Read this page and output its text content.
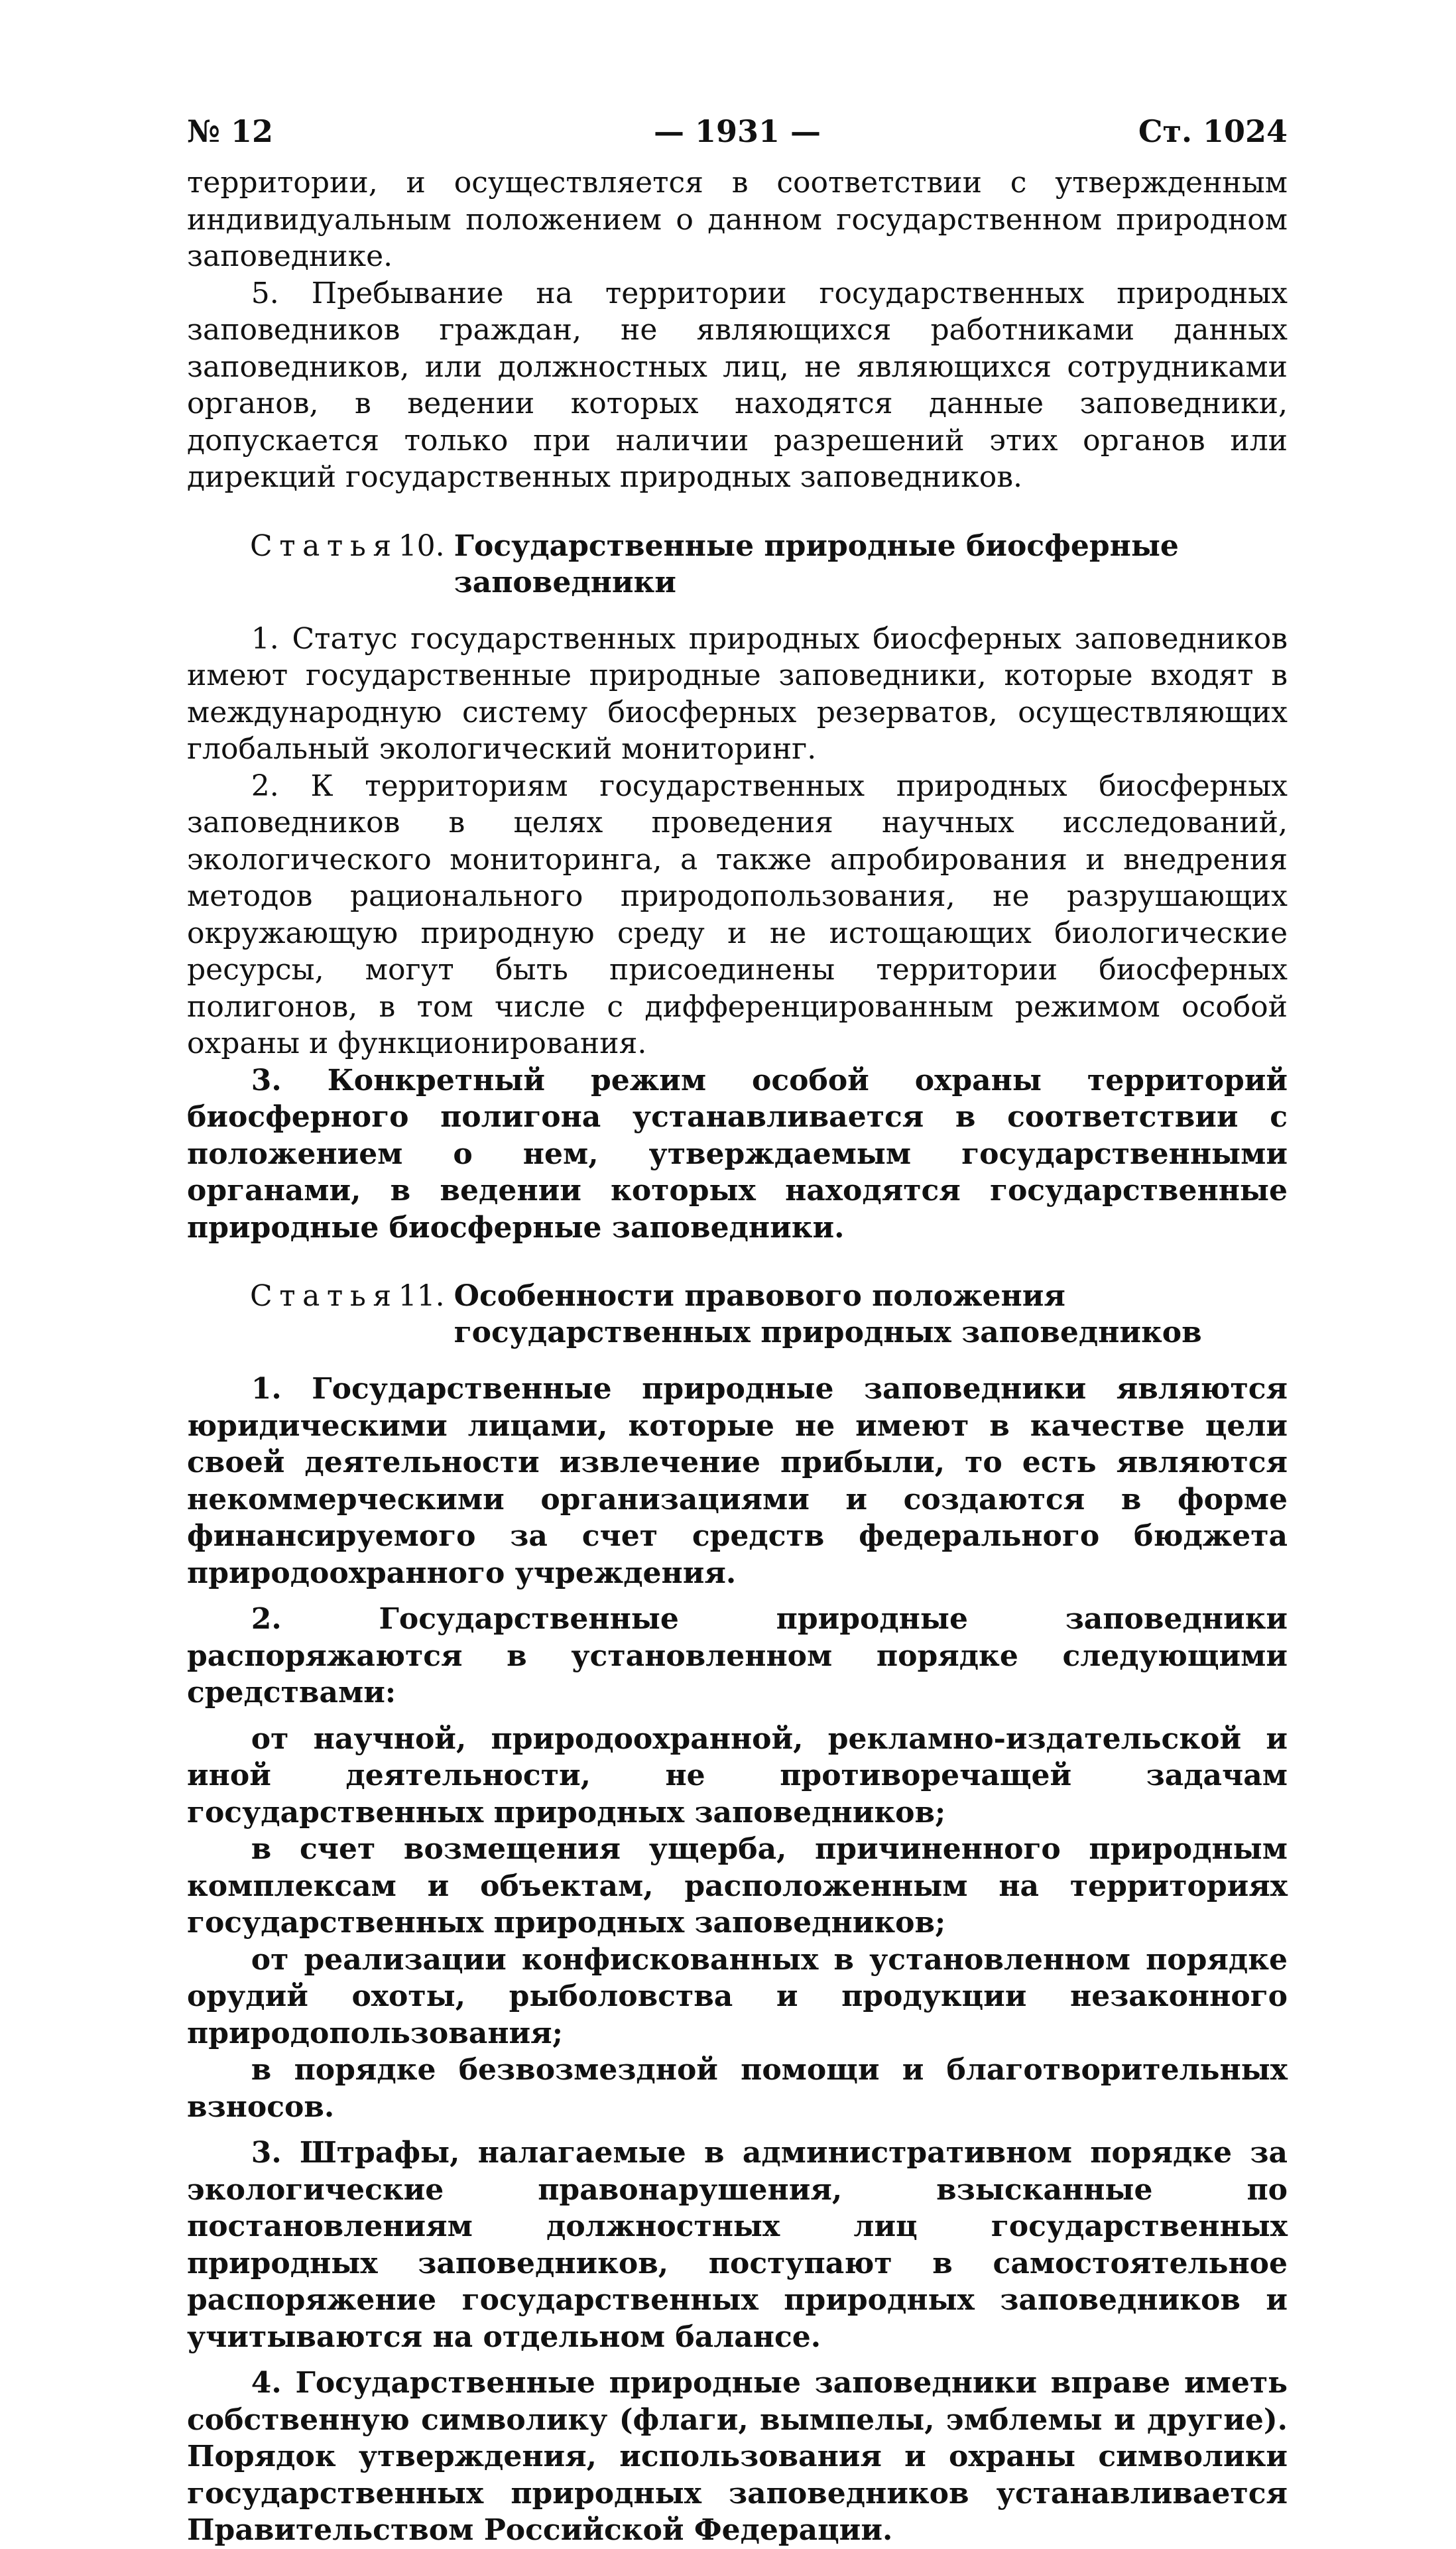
№ 12	— 1931 —	Ст. 1024

территории, и осуществляется в соответствии с утвержденным индивидуальным положением о данном государственном природном заповеднике.

5. Пребывание на территории государственных природных заповедников граждан, не являющихся работниками данных заповедников, или должностных лиц, не являющихся сотрудниками органов, в ведении которых находятся данные заповедники, допускается только при наличии разрешений этих органов или дирекций государственных природных заповедников.

Статья 10. Государственные природные биосферные заповедники

1. Статус государственных природных биосферных заповедников имеют государственные природные заповедники, которые входят в международную систему биосферных резерватов, осуществляющих глобальный экологический мониторинг.

2. К территориям государственных природных биосферных заповедников в целях проведения научных исследований, экологического мониторинга, а также апробирования и внедрения методов рационального природопользования, не разрушающих окружающую природную среду и не истощающих биологические ресурсы, могут быть присоединены территории биосферных полигонов, в том числе с дифференцированным режимом особой охраны и функционирования.

3. Конкретный режим особой охраны территорий биосферного полигона устанавливается в соответствии с положением о нем, утверждаемым государственными органами, в ведении которых находятся государственные природные биосферные заповедники.

Статья 11. Особенности правового положения государственных природных заповедников

1. Государственные природные заповедники являются юридическими лицами, которые не имеют в качестве цели своей деятельности извлечение прибыли, то есть являются некоммерческими организациями и создаются в форме финансируемого за счет средств федерального бюджета природоохранного учреждения.

2. Государственные природные заповедники распоряжаются в установленном порядке следующими средствами:

от научной, природоохранной, рекламно-издательской и иной деятельности, не противоречащей задачам государственных природных заповедников;

в счет возмещения ущерба, причиненного природным комплексам и объектам, расположенным на территориях государственных природных заповедников;

от реализации конфискованных в установленном порядке орудий охоты, рыболовства и продукции незаконного природопользования;

в порядке безвозмездной помощи и благотворительных взносов.

3. Штрафы, налагаемые в административном порядке за экологические правонарушения, взысканные по постановлениям должностных лиц государственных природных заповедников, поступают в самостоятельное распоряжение государственных природных заповедников и учитываются на отдельном балансе.

4. Государственные природные заповедники вправе иметь собственную символику (флаги, вымпелы, эмблемы и другие). Порядок утверждения, использования и охраны символики государственных природных заповедников устанавливается Правительством Российской Федерации.
